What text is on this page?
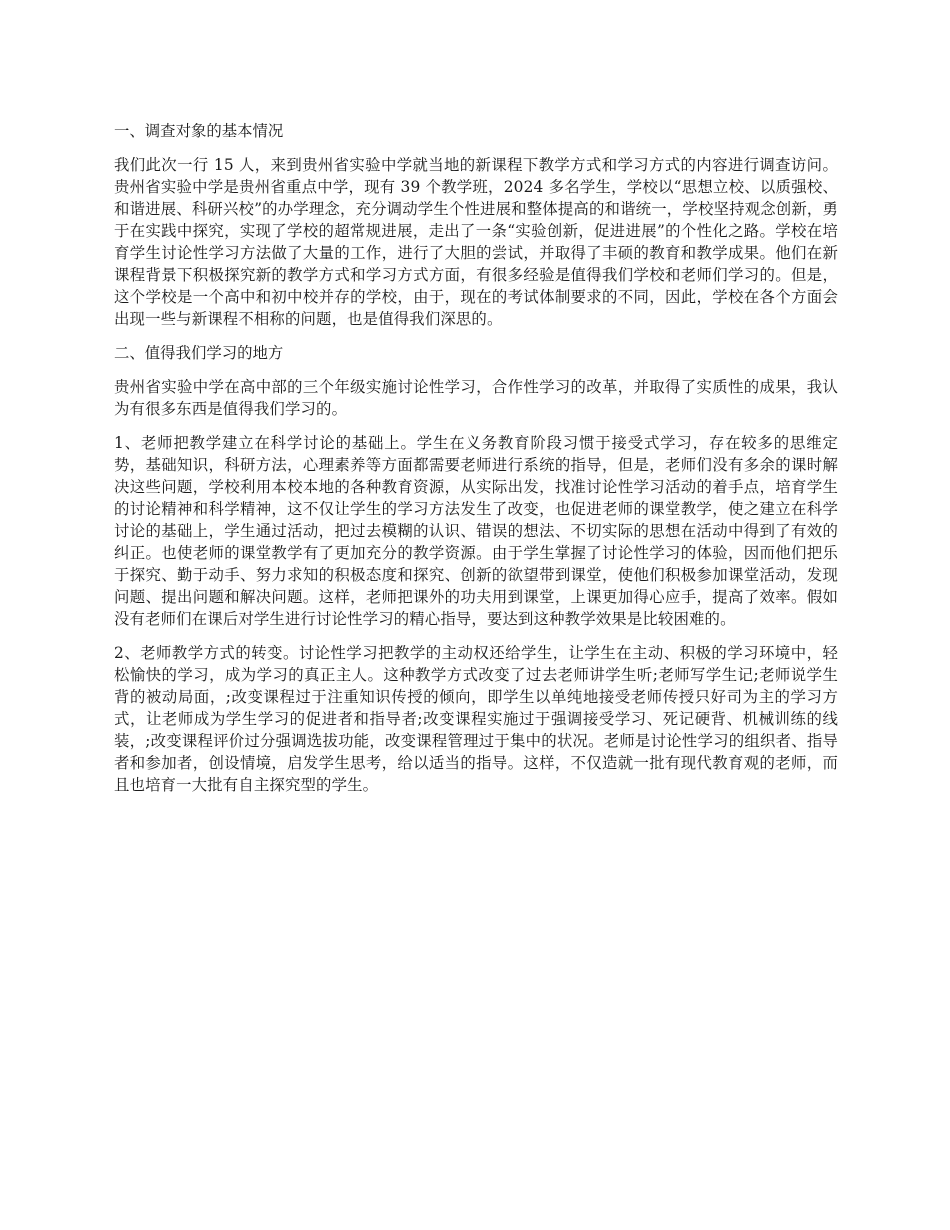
一、调查对象的基本情况

我们此次一行 15 人，来到贵州省实验中学就当地的新课程下教学方式和学习方式的内容进行调查访问。贵州省实验中学是贵州省重点中学，现有 39 个教学班，2024 多名学生，学校以“思想立校、以质强校、和谐进展、科研兴校”的办学理念，充分调动学生个性进展和整体提高的和谐统一，学校坚持观念创新，勇于在实践中探究，实现了学校的超常规进展，走出了一条“实验创新，促进进展”的个性化之路。学校在培育学生讨论性学习方法做了大量的工作，进行了大胆的尝试，并取得了丰硕的教育和教学成果。他们在新课程背景下积极探究新的教学方式和学习方式方面，有很多经验是值得我们学校和老师们学习的。但是，这个学校是一个高中和初中校并存的学校，由于，现在的考试体制要求的不同，因此，学校在各个方面会出现一些与新课程不相称的问题，也是值得我们深思的。

二、值得我们学习的地方

贵州省实验中学在高中部的三个年级实施讨论性学习，合作性学习的改革，并取得了实质性的成果，我认为有很多东西是值得我们学习的。

1、老师把教学建立在科学讨论的基础上。学生在义务教育阶段习惯于接受式学习，存在较多的思维定势，基础知识，科研方法，心理素养等方面都需要老师进行系统的指导，但是，老师们没有多余的课时解决这些问题，学校利用本校本地的各种教育资源，从实际出发，找准讨论性学习活动的着手点，培育学生的讨论精神和科学精神，这不仅让学生的学习方法发生了改变，也促进老师的课堂教学，使之建立在科学讨论的基础上，学生通过活动，把过去模糊的认识、错误的想法、不切实际的思想在活动中得到了有效的纠正。也使老师的课堂教学有了更加充分的教学资源。由于学生掌握了讨论性学习的体验，因而他们把乐于探究、勤于动手、努力求知的积极态度和探究、创新的欲望带到课堂，使他们积极参加课堂活动，发现问题、提出问题和解决问题。这样，老师把课外的功夫用到课堂，上课更加得心应手，提高了效率。假如没有老师们在课后对学生进行讨论性学习的精心指导，要达到这种教学效果是比较困难的。

2、老师教学方式的转变。讨论性学习把教学的主动权还给学生，让学生在主动、积极的学习环境中，轻松愉快的学习，成为学习的真正主人。这种教学方式改变了过去老师讲学生听;老师写学生记;老师说学生背的被动局面，;改变课程过于注重知识传授的倾向，即学生以单纯地接受老师传授只好司为主的学习方式，让老师成为学生学习的促进者和指导者;改变课程实施过于强调接受学习、死记硬背、机械训练的线装，;改变课程评价过分强调选拔功能，改变课程管理过于集中的状况。老师是讨论性学习的组织者、指导者和参加者，创设情境，启发学生思考，给以适当的指导。这样，不仅造就一批有现代教育观的老师，而且也培育一大批有自主探究型的学生。
